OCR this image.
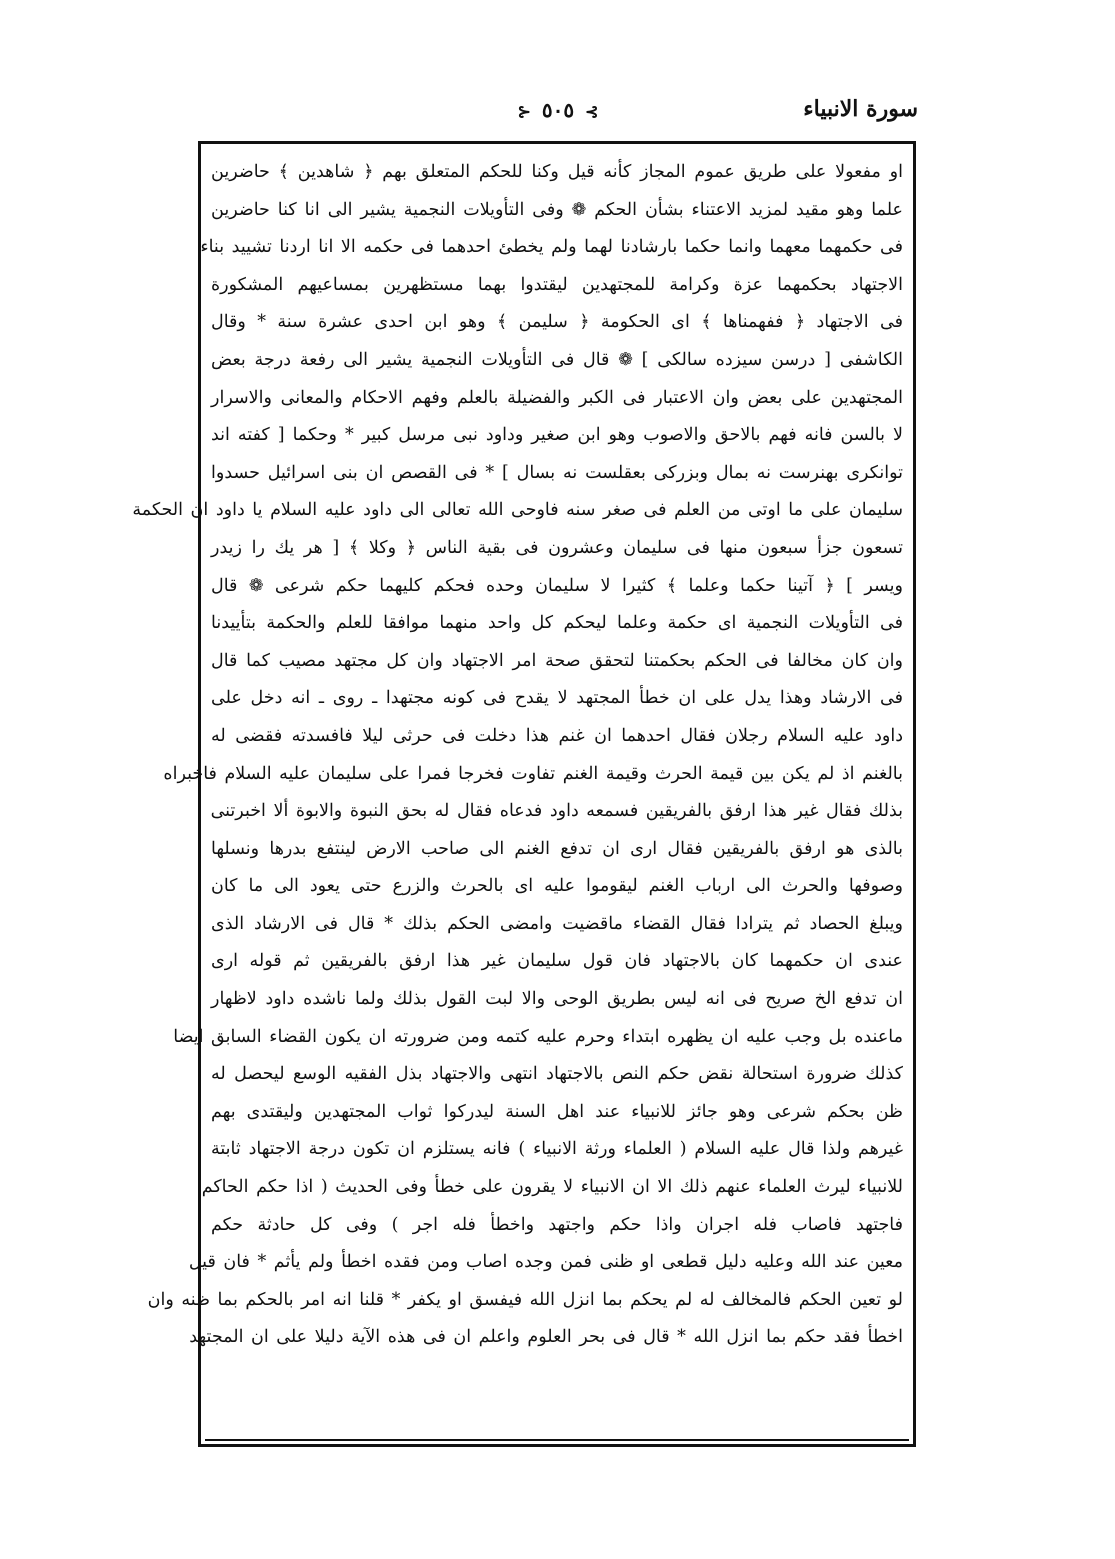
سورة الانبياء
⊱ ٥٠٥ ⊰
او مفعولا على طريق عموم المجاز كأنه قيل وكنا للحكم المتعلق بهم ﴿ شاهدين ﴾ حاضرين
علما وهو مقيد لمزيد الاعتناء بشأن الحكم ❁ وفى التأويلات النجمية يشير الى انا كنا حاضرين
فى حكمهما معهما وانما حكما بارشادنا لهما ولم يخطئ احدهما فى حكمه الا انا اردنا تشييد بناء
الاجتهاد بحكمهما عزة وكرامة للمجتهدين ليقتدوا بهما مستظهرين بمساعيهم المشكورة
فى الاجتهاد ﴿ ففهمناها ﴾ اى الحكومة ﴿ سليمن ﴾ وهو ابن احدى عشرة سنة * وقال
الكاشفى [ درسن سيزده سالكى ] ❁ قال فى التأويلات النجمية يشير الى رفعة درجة بعض
المجتهدين على بعض وان الاعتبار فى الكبر والفضيلة بالعلم وفهم الاحكام والمعانى والاسرار
لا بالسن فانه فهم بالاحق والاصوب وهو ابن صغير وداود نبى مرسل كبير * وحكما [ كفته اند
توانكرى بهنرست نه بمال وبزركى بعقلست نه بسال ] * فى القصص ان بنى اسرائيل حسدوا
سليمان على ما اوتى من العلم فى صغر سنه فاوحى الله تعالى الى داود عليه السلام يا داود ان الحكمة
تسعون جزأ سبعون منها فى سليمان وعشرون فى بقية الناس ﴿ وكلا ﴾ [ هر يك را زيدر
ويسر ] ﴿ آتينا حكما وعلما ﴾ كثيرا لا سليمان وحده فحكم كليهما حكم شرعى ❁ قال
فى التأويلات النجمية اى حكمة وعلما ليحكم كل واحد منهما موافقا للعلم والحكمة بتأييدنا
وان كان مخالفا فى الحكم بحكمتنا لتحقق صحة امر الاجتهاد وان كل مجتهد مصيب كما قال
فى الارشاد وهذا يدل على ان خطأ المجتهد لا يقدح فى كونه مجتهدا ـ روى ـ انه دخل على
داود عليه السلام رجلان فقال احدهما ان غنم هذا دخلت فى حرثى ليلا فافسدته فقضى له
بالغنم اذ لم يكن بين قيمة الحرث وقيمة الغنم تفاوت فخرجا فمرا على سليمان عليه السلام فاخبراه
بذلك فقال غير هذا ارفق بالفريقين فسمعه داود فدعاه فقال له بحق النبوة والابوة ألا اخبرتنى
بالذى هو ارفق بالفريقين فقال ارى ان تدفع الغنم الى صاحب الارض لينتفع بدرها ونسلها
وصوفها والحرث الى ارباب الغنم ليقوموا عليه اى بالحرث والزرع حتى يعود الى ما كان
ويبلغ الحصاد ثم يترادا فقال القضاء ماقضيت وامضى الحكم بذلك * قال فى الارشاد الذى
عندى ان حكمهما كان بالاجتهاد فان قول سليمان غير هذا ارفق بالفريقين ثم قوله ارى
ان تدفع الخ صريح فى انه ليس بطريق الوحى والا لبت القول بذلك ولما ناشده داود لاظهار
ماعنده بل وجب عليه ان يظهره ابتداء وحرم عليه كتمه ومن ضرورته ان يكون القضاء السابق ايضا
كذلك ضرورة استحالة نقض حكم النص بالاجتهاد انتهى والاجتهاد بذل الفقيه الوسع ليحصل له
ظن بحكم شرعى وهو جائز للانبياء عند اهل السنة ليدركوا ثواب المجتهدين وليقتدى بهم
غيرهم ولذا قال عليه السلام ( العلماء ورثة الانبياء ) فانه يستلزم ان تكون درجة الاجتهاد ثابتة
للانبياء ليرث العلماء عنهم ذلك الا ان الانبياء لا يقرون على خطأ وفى الحديث ( اذا حكم الحاكم
فاجتهد فاصاب فله اجران واذا حكم واجتهد واخطأ فله اجر ) وفى كل حادثة حكم
معين عند الله وعليه دليل قطعى او ظنى فمن وجده اصاب ومن فقده اخطأ ولم يأثم * فان قيل
لو تعين الحكم فالمخالف له لم يحكم بما انزل الله فيفسق او يكفر * قلنا انه امر بالحكم بما ظنه وان
اخطأ فقد حكم بما انزل الله * قال فى بحر العلوم واعلم ان فى هذه الآية دليلا على ان المجتهد
